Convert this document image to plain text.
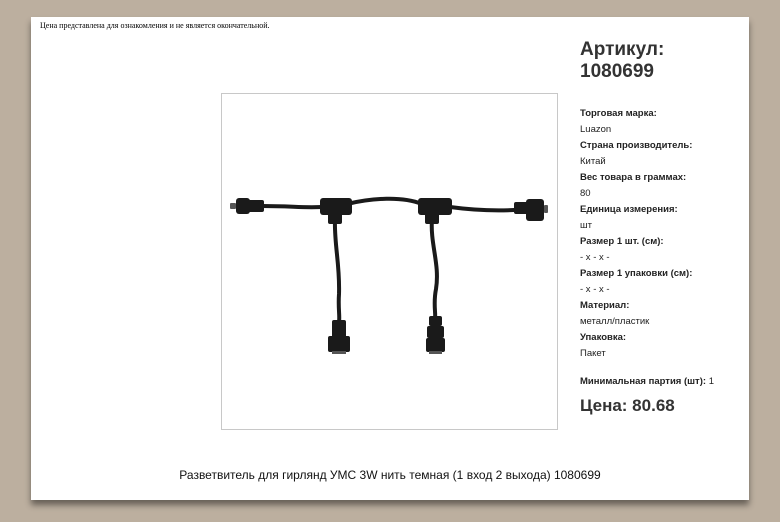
Цена представлена для ознакомления и не является окончательной.
Артикул:
1080699
Торговая марка:
Luazon
Страна производитель:
Китай
Вес товара в граммах:
80
Единица измерения:
шт
Размер 1 шт. (см):
- x - x -
Размер 1 упаковки (см):
- x - x -
Материал:
металл/пластик
Упаковка:
Пакет
Минимальная партия (шт): 1
Цена: 80.68
Разветвитель для гирлянд УМС 3W нить темная (1 вход 2 выхода) 1080699
